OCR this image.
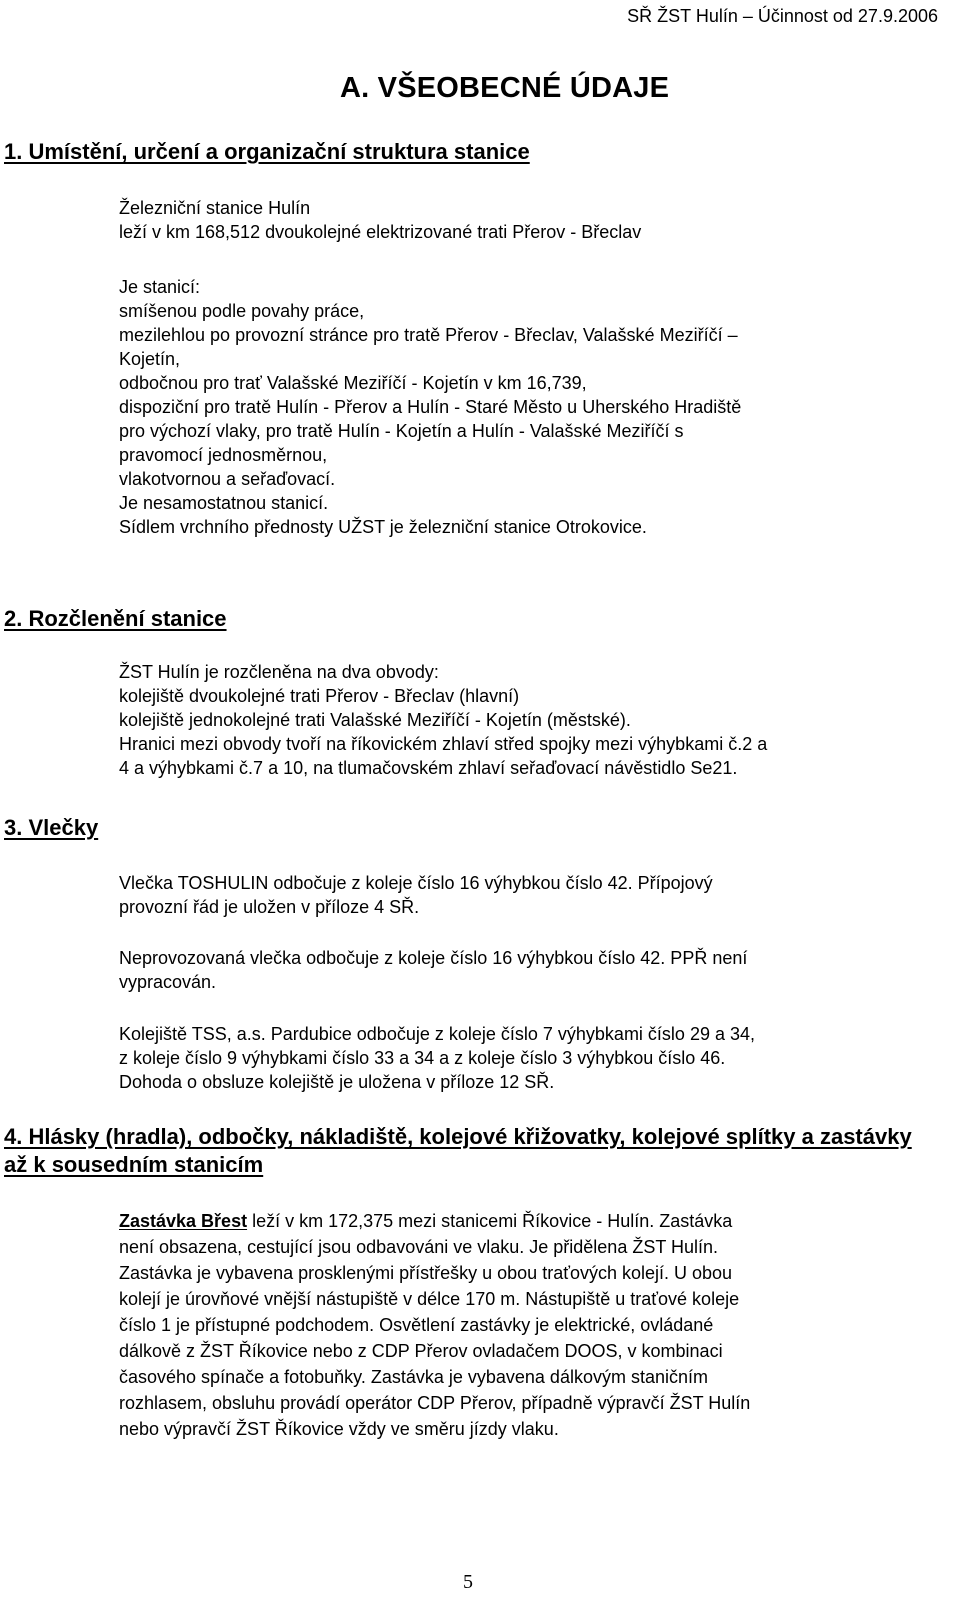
SŘ ŽST Hulín – Účinnost od 27.9.2006
A. VŠEOBECNÉ ÚDAJE
1. Umístění, určení a organizační struktura stanice
Železniční stanice Hulín
leží v km 168,512 dvoukolejné elektrizované trati Přerov - Břeclav
Je stanicí:
smíšenou podle povahy práce,
mezilehlou po provozní stránce pro tratě Přerov - Břeclav, Valašské Meziříčí –
Kojetín,
odbočnou pro trať Valašské Meziříčí - Kojetín v km 16,739,
dispoziční pro tratě Hulín - Přerov a Hulín - Staré Město u Uherského Hradiště
pro výchozí vlaky, pro tratě Hulín - Kojetín a Hulín - Valašské Meziříčí s
pravomocí jednosměrnou,
vlakotvornou a seřaďovací.
Je nesamostatnou stanicí.
Sídlem vrchního přednosty UŽST je železniční stanice Otrokovice.
2. Rozčlenění stanice
ŽST Hulín je rozčleněna na dva obvody:
kolejiště dvoukolejné trati Přerov - Břeclav (hlavní)
kolejiště jednokolejné trati Valašské Meziříčí - Kojetín (městské).
Hranici mezi obvody tvoří na říkovickém zhlaví střed spojky mezi výhybkami č.2 a
4 a výhybkami č.7 a 10, na tlumačovském zhlaví seřaďovací návěstidlo Se21.
3. Vlečky
Vlečka TOSHULIN odbočuje z koleje číslo 16 výhybkou číslo 42. Přípojový
provozní řád je uložen v příloze 4 SŘ.
Neprovozovaná vlečka odbočuje z koleje číslo 16 výhybkou číslo 42. PPŘ není
vypracován.
Kolejiště TSS, a.s. Pardubice odbočuje z koleje číslo 7 výhybkami číslo 29 a 34,
z koleje číslo 9 výhybkami číslo 33 a 34 a z koleje číslo 3 výhybkou číslo 46.
Dohoda o obsluze kolejiště je uložena v příloze 12 SŘ.
4. Hlásky (hradla), odbočky, nákladiště, kolejové křižovatky, kolejové splítky a zastávky až k sousedním stanicím
Zastávka Břest leží v km 172,375 mezi stanicemi Říkovice - Hulín. Zastávka
není obsazena, cestující jsou odbavováni ve vlaku. Je přidělena ŽST Hulín.
Zastávka je vybavena prosklenými přístřešky u obou traťových kolejí. U obou
kolejí je úrovňové vnější nástupiště v délce 170 m. Nástupiště u traťové koleje
číslo 1 je přístupné podchodem. Osvětlení zastávky je elektrické, ovládané
dálkově z ŽST Říkovice nebo z CDP Přerov ovladačem DOOS, v kombinaci
časového spínače a fotobuňky. Zastávka je vybavena dálkovým staničním
rozhlasem, obsluhu provádí operátor CDP Přerov, případně výpravčí ŽST Hulín
nebo výpravčí ŽST Říkovice vždy ve směru jízdy vlaku.
5
